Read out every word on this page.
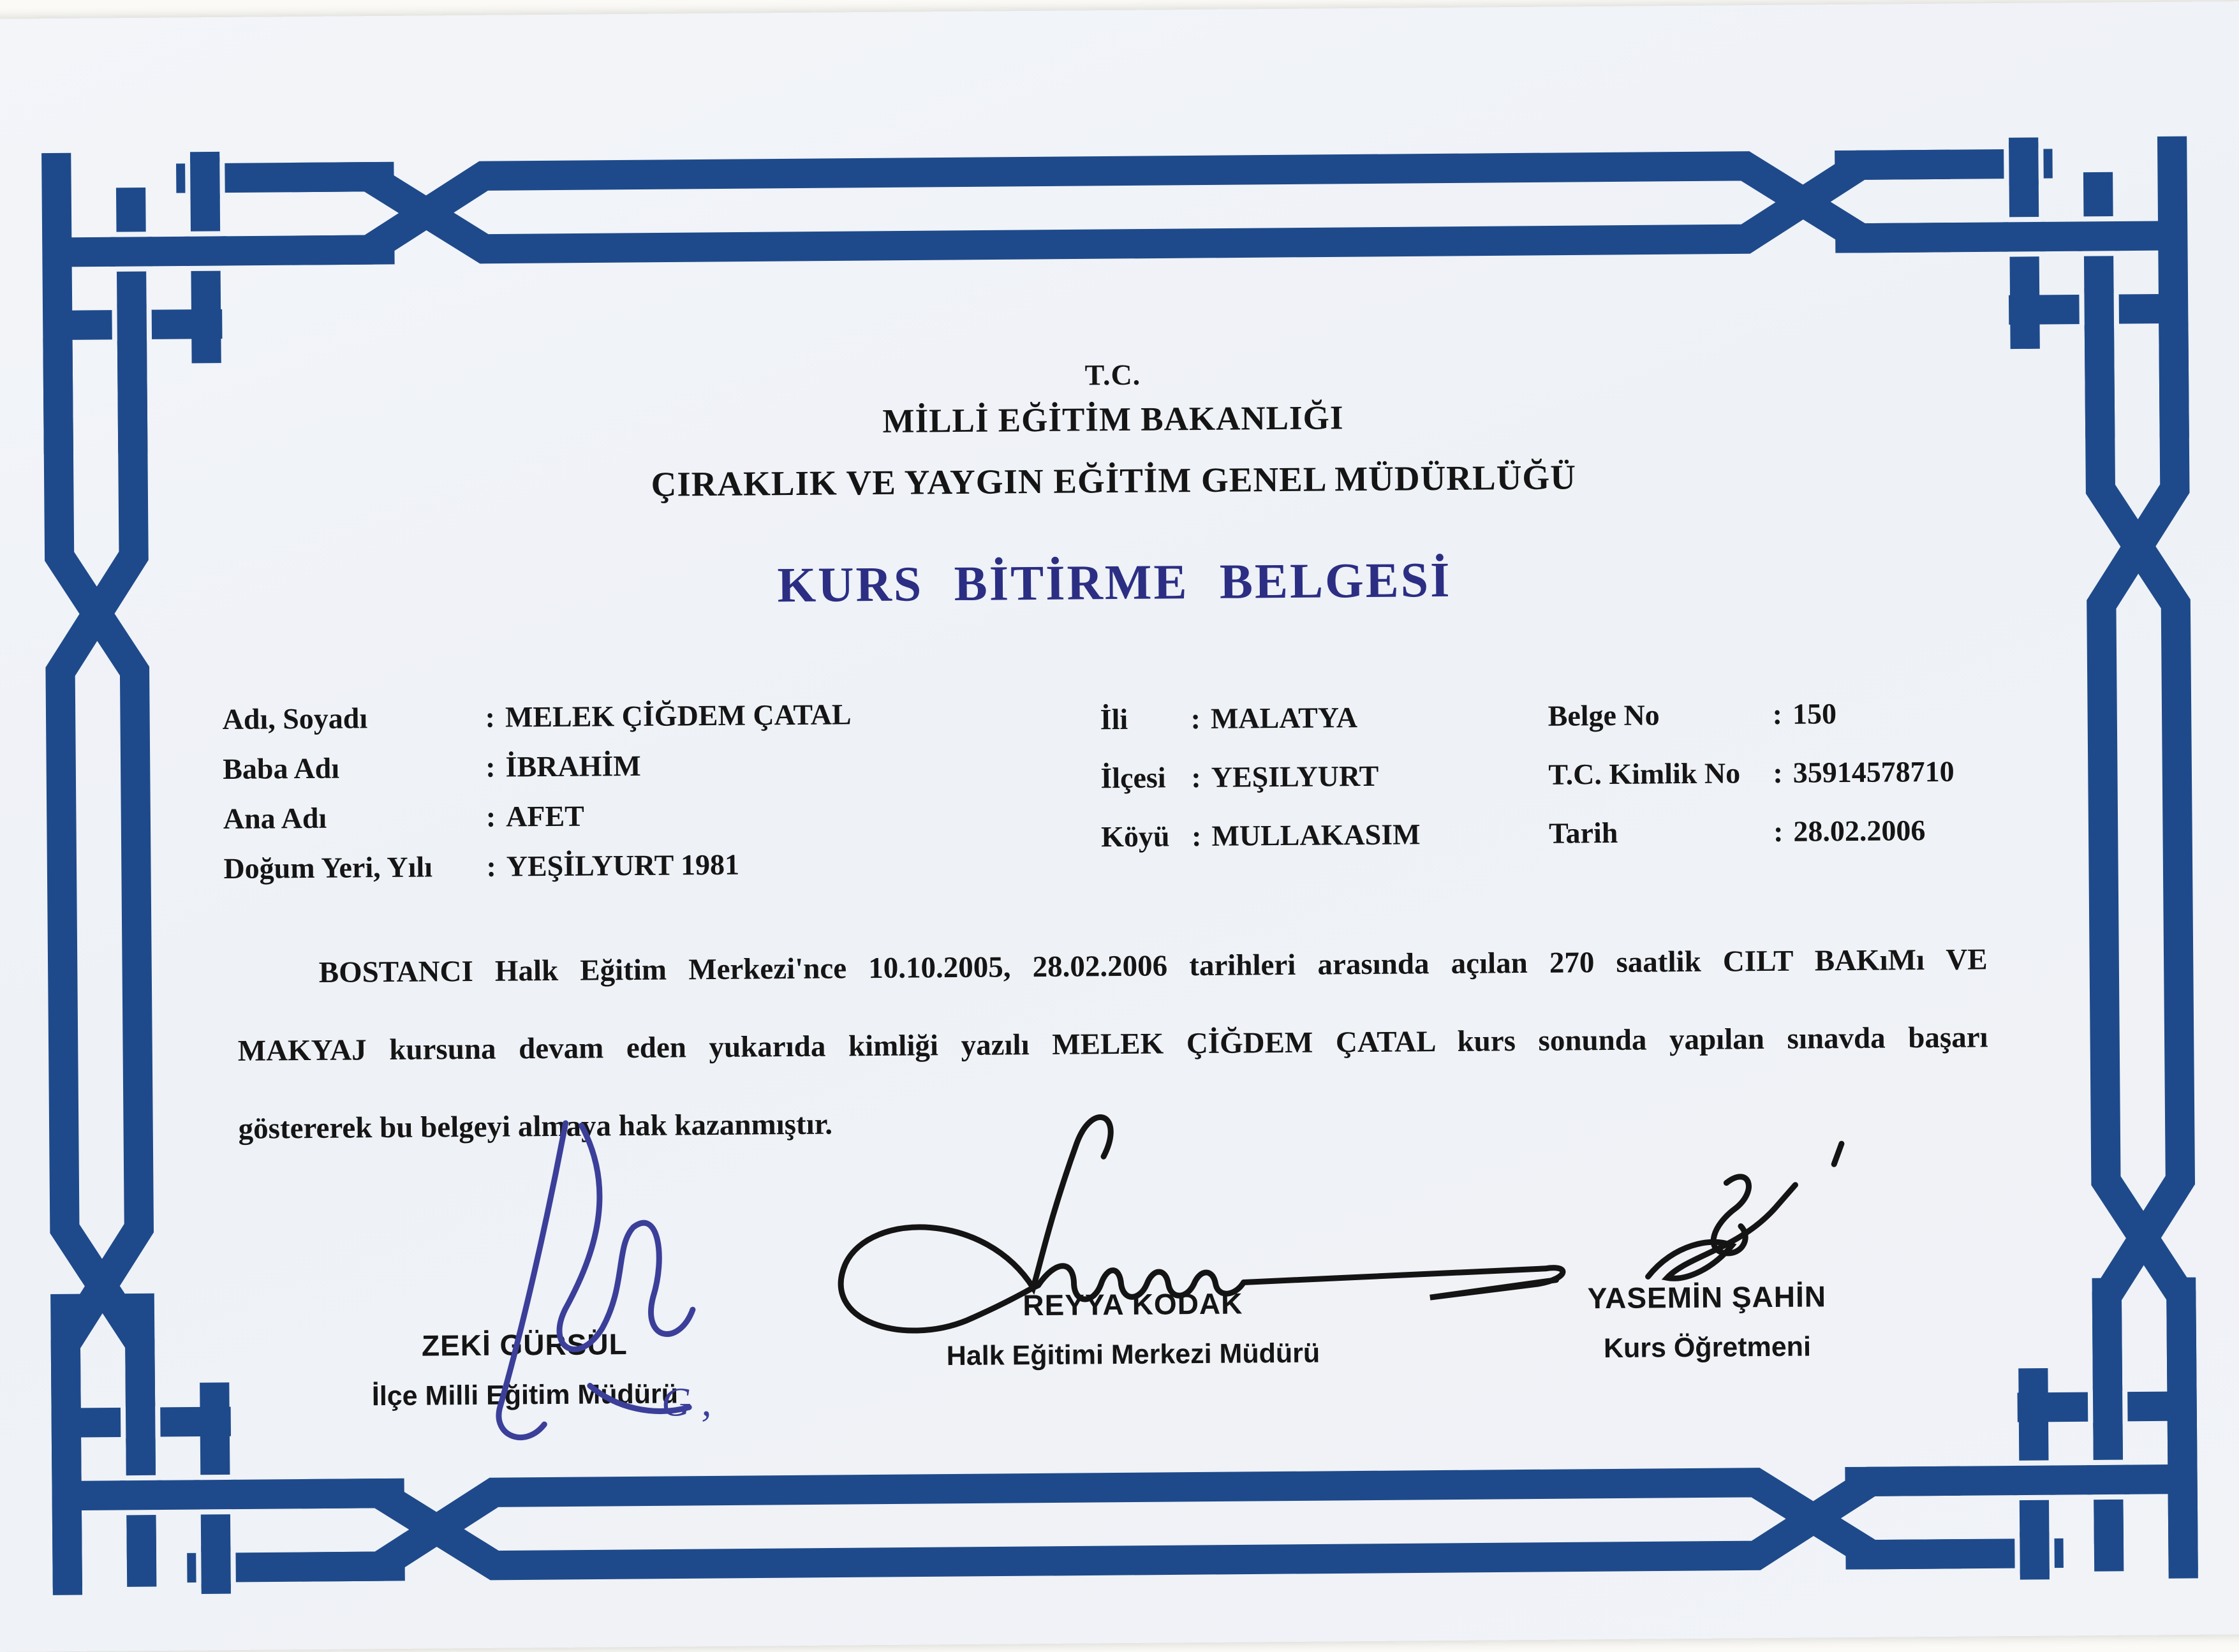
T.C.
MİLLİ EĞİTİM BAKANLIĞI
ÇIRAKLIK VE YAYGIN EĞİTİM GENEL MÜDÜRLÜĞÜ
KURS BİTİRME BELGESİ
Adı, Soyadı	: MELEK ÇİĞDEM ÇATAL
Baba Adı	: İBRAHİM
Ana Adı	: AFET
Doğum Yeri, Yılı	: YEŞİLYURT 1981
İli	: MALATYA
İlçesi : YEŞILYURT
Köyü : MULLAKASIM
Belge No	: 150
T.C. Kimlik No	: 35914578710
Tarih	: 28.02.2006
BOSTANCI Halk Eğitim Merkezi'nce 10.10.2005, 28.02.2006 tarihleri arasında açılan 270 saatlik CILT BAKıMı VE
MAKYAJ kursuna devam eden yukarıda kimliği yazılı MELEK ÇİĞDEM ÇATAL kurs sonunda yapılan sınavda başarı
göstererek bu belgeyi almaya hak kazanmıştır.
ZEKİ GÜRSÜL
İlçe Milli Eğitim Müdürü
REYYA KODAK
Halk Eğitimi Merkezi Müdürü
YASEMİN ŞAHİN
Kurs Öğretmeni
G ,
